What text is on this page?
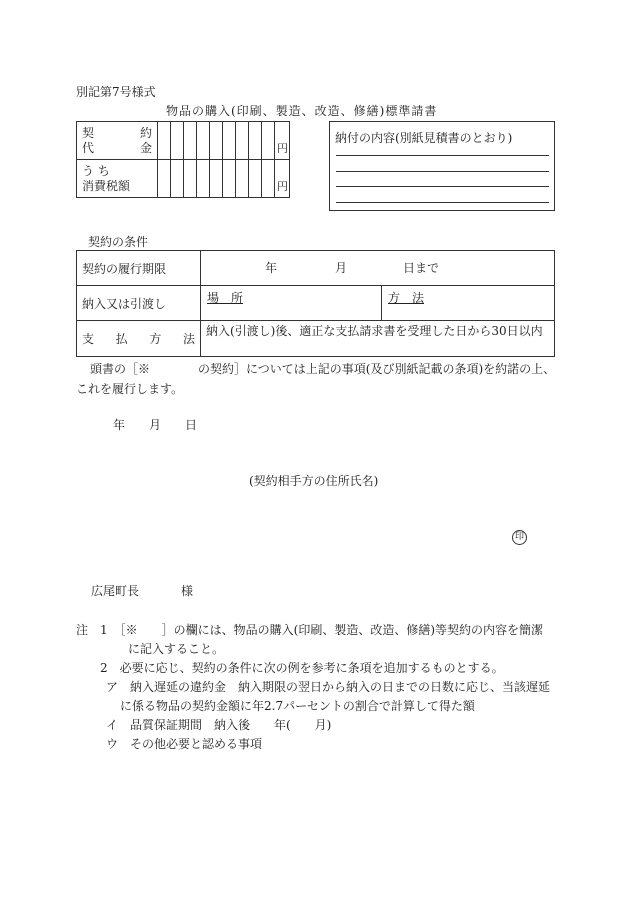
別記第7号様式
物品の購入(印刷、製造、改造、修繕)標準請書
契 約
代 金										円

う ち
消費税額										円
納付の内容(別紙見積書のとおり)
契約の条件
契約の履行期限	年 月 日まで	

納入又は引渡し	場　所	方　法

支 払 方 法	納入(引渡し)後、適正な支払請求書を受理した日から30日以内	
頭書の［※　　　　の契約］については上記の事項(及び別紙記載の条項)を約諾の上、これを履行します。
年 月 日
(契約相手方の住所氏名)
印
広尾町長	様
注　1　［※　　］の欄には、物品の購入(印刷、製造、改造、修繕)等契約の内容を簡潔
に記入すること。
2　必要に応じ、契約の条件に次の例を参考に条項を追加するものとする。
ア　納入遅延の違約金　納入期限の翌日から納入の日までの日数に応じ、当該遅延
に係る物品の契約金額に年2.7パーセントの割合で計算して得た額
イ　品質保証期間　納入後　　年(　　月)
ウ　その他必要と認める事項
